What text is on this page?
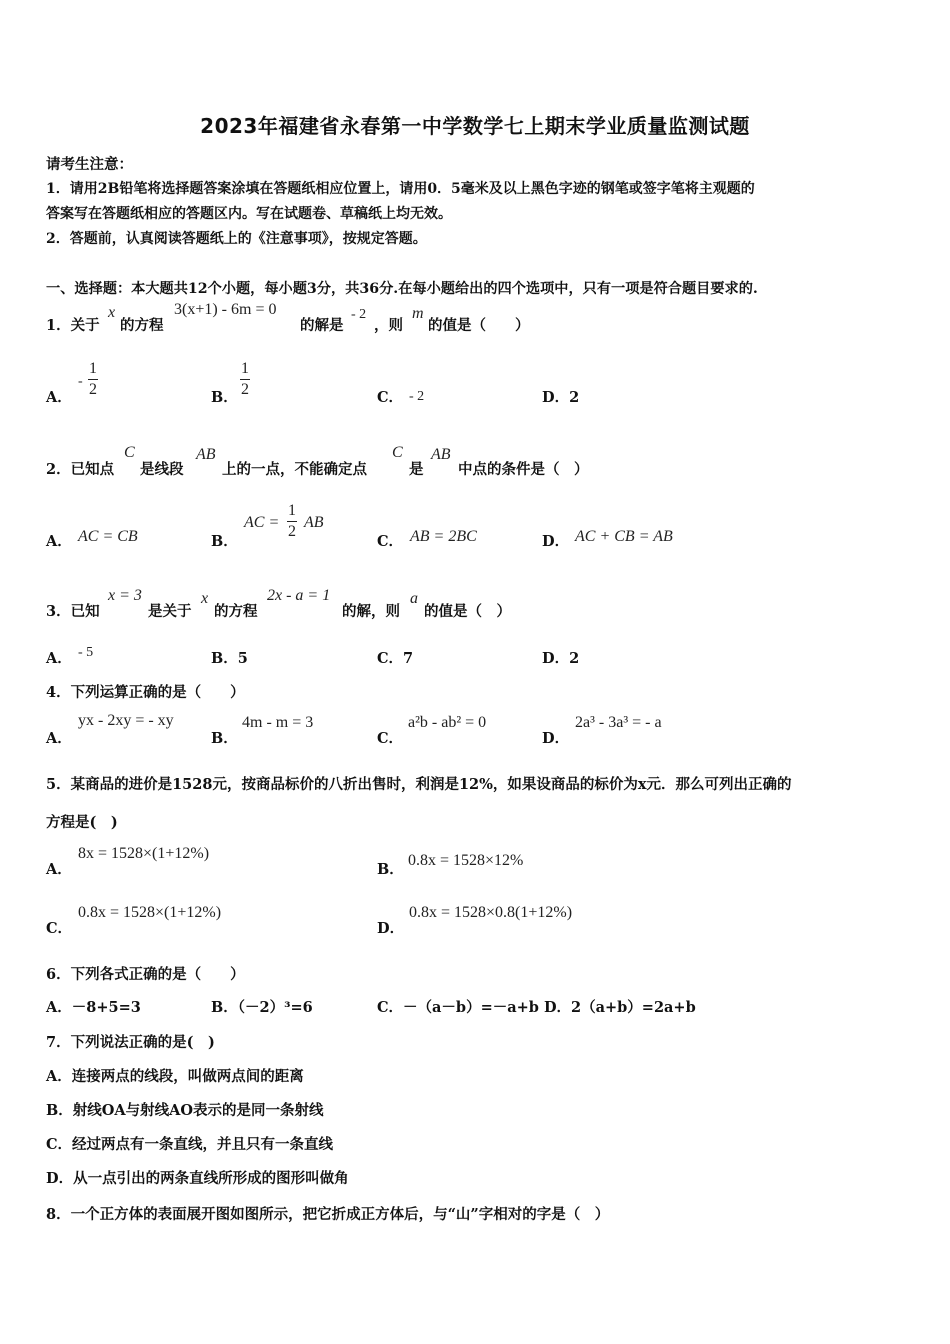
2023年福建省永春第一中学数学七上期末学业质量监测试题
请考生注意：
1．请用2B铅笔将选择题答案涂填在答题纸相应位置上，请用0．5毫米及以上黑色字迹的钢笔或签字笔将主观题的
答案写在答题纸相应的答题区内。写在试题卷、草稿纸上均无效。
2．答题前，认真阅读答题纸上的《注意事项》，按规定答题。
一、选择题：本大题共12个小题，每小题3分，共36分.在每小题给出的四个选项中，只有一项是符合题目要求的.
1．关于
x
的方程
3(x+1) - 6m = 0
的解是
- 2
，则
m
的值是（　　）
A．
-
1
2	B．
1
2	C． - 2	D．2
2．已知点
C
是线段
AB
上的一点，不能确定点
C
是
AB
中点的条件是（　）
A． AC = CB	B．
AC =
1
2
AB
C． AB = 2BC	D． AC + CB = AB
3．已知
x = 3
是关于
x
的方程
2x - a = 1
的解，则
a
的值是（　）
A． - 5	B．5	C．7	D．2
4．下列运算正确的是（　　）
A．
yx - 2xy = - xy
B．
4m - m = 3
C．
a²b - ab² = 0
D．
2a³ - 3a³ = - a
5．某商品的进价是1528元，按商品标价的八折出售时，利润是12%，如果设商品的标价为x元．那么可列出正确的
方程是(　)
A．
8x = 1528×(1+12%)
B．
0.8x = 1528×12%
C．
0.8x = 1528×(1+12%)
D．
0.8x = 1528×0.8(1+12%)
6．下列各式正确的是（　　）
A．－8+5=3	B．（－2）³=6	C．－（a－b）=－a+b D．2（a+b）=2a+b
7．下列说法正确的是(　)
A．连接两点的线段，叫做两点间的距离
B．射线OA与射线AO表示的是同一条射线
C．经过两点有一条直线，并且只有一条直线
D．从一点引出的两条直线所形成的图形叫做角
8．一个正方体的表面展开图如图所示，把它折成正方体后，与“山”字相对的字是（　）
